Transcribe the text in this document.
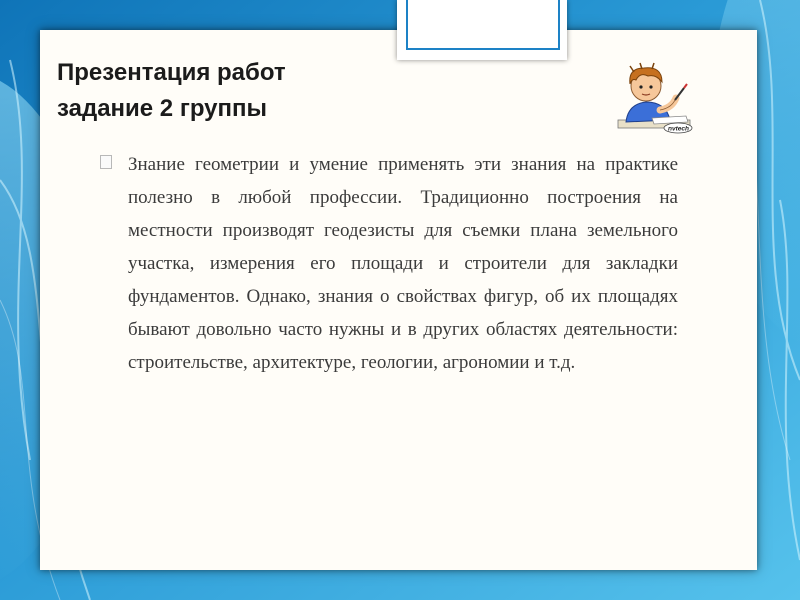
Презентация работ
задание 2 группы
nvtech

Знание геометрии и умение применять эти знания на практике полезно в любой профессии. Традиционно построения на местности производят геодезисты для съемки плана земельного участка, измерения его площади и строители для закладки фундаментов. Однако, знания о свойствах фигур, об их площадях бывают довольно часто нужны и в других областях деятельности: строительстве, архитектуре, геологии, агрономии и т.д.
